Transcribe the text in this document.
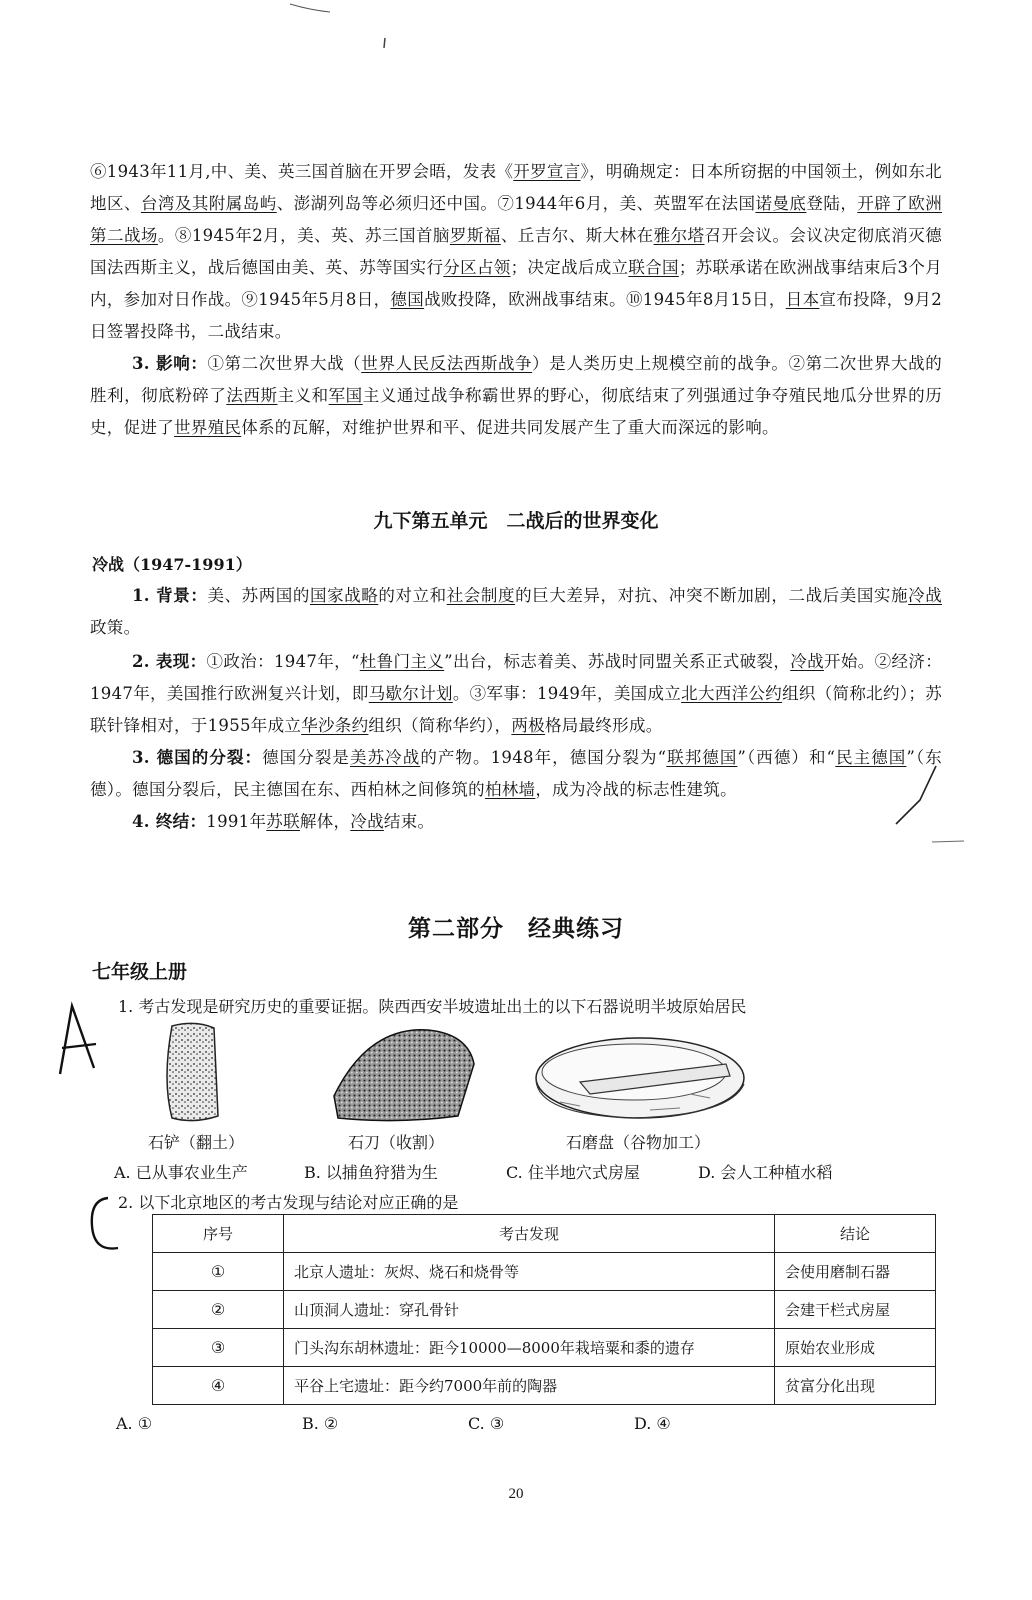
⑥1943年11月,中、美、英三国首脑在开罗会晤，发表《开罗宣言》，明确规定：日本所窃据的中国领土，例如东北地区、台湾及其附属岛屿、澎湖列岛等必须归还中国。⑦1944年6月，美、英盟军在法国诺曼底登陆，开辟了欧洲第二战场。⑧1945年2月，美、英、苏三国首脑罗斯福、丘吉尔、斯大林在雅尔塔召开会议。会议决定彻底消灭德国法西斯主义，战后德国由美、英、苏等国实行分区占领；决定战后成立联合国；苏联承诺在欧洲战事结束后3个月内，参加对日作战。⑨1945年5月8日，德国战败投降，欧洲战事结束。⑩1945年8月15日，日本宣布投降，9月2日签署投降书，二战结束。
3. 影响：①第二次世界大战（世界人民反法西斯战争）是人类历史上规模空前的战争。②第二次世界大战的胜利，彻底粉碎了法西斯主义和军国主义通过战争称霸世界的野心，彻底结束了列强通过争夺殖民地瓜分世界的历史，促进了世界殖民体系的瓦解，对维护世界和平、促进共同发展产生了重大而深远的影响。
九下第五单元　二战后的世界变化
冷战（1947-1991）
1. 背景：美、苏两国的国家战略的对立和社会制度的巨大差异，对抗、冲突不断加剧，二战后美国实施冷战政策。
2. 表现：①政治：1947年，“杜鲁门主义”出台，标志着美、苏战时同盟关系正式破裂，冷战开始。②经济：1947年，美国推行欧洲复兴计划，即马歇尔计划。③军事：1949年，美国成立北大西洋公约组织（简称北约）；苏联针锋相对，于1955年成立华沙条约组织（简称华约），两极格局最终形成。
3. 德国的分裂：德国分裂是美苏冷战的产物。1948年，德国分裂为“联邦德国”（西德）和“民主德国”（东德）。德国分裂后，民主德国在东、西柏林之间修筑的柏林墙，成为冷战的标志性建筑。
4. 终结：1991年苏联解体，冷战结束。
第二部分　经典练习
七年级上册
1. 考古发现是研究历史的重要证据。陕西西安半坡遗址出土的以下石器说明半坡原始居民
石铲（翻土）	石刀（收割）	石磨盘（谷物加工）
A. 已从事农业生产	B. 以捕鱼狩猎为生	C. 住半地穴式房屋	D. 会人工种植水稻
2. 以下北京地区的考古发现与结论对应正确的是
序号	考古发现	结论
①	北京人遗址：灰烬、烧石和烧骨等	会使用磨制石器
②	山顶洞人遗址：穿孔骨针	会建干栏式房屋
③	门头沟东胡林遗址：距今10000—8000年栽培粟和黍的遗存	原始农业形成
④	平谷上宅遗址：距今约7000年前的陶器	贫富分化出现
A. ①	B. ②	C. ③	D. ④
20
